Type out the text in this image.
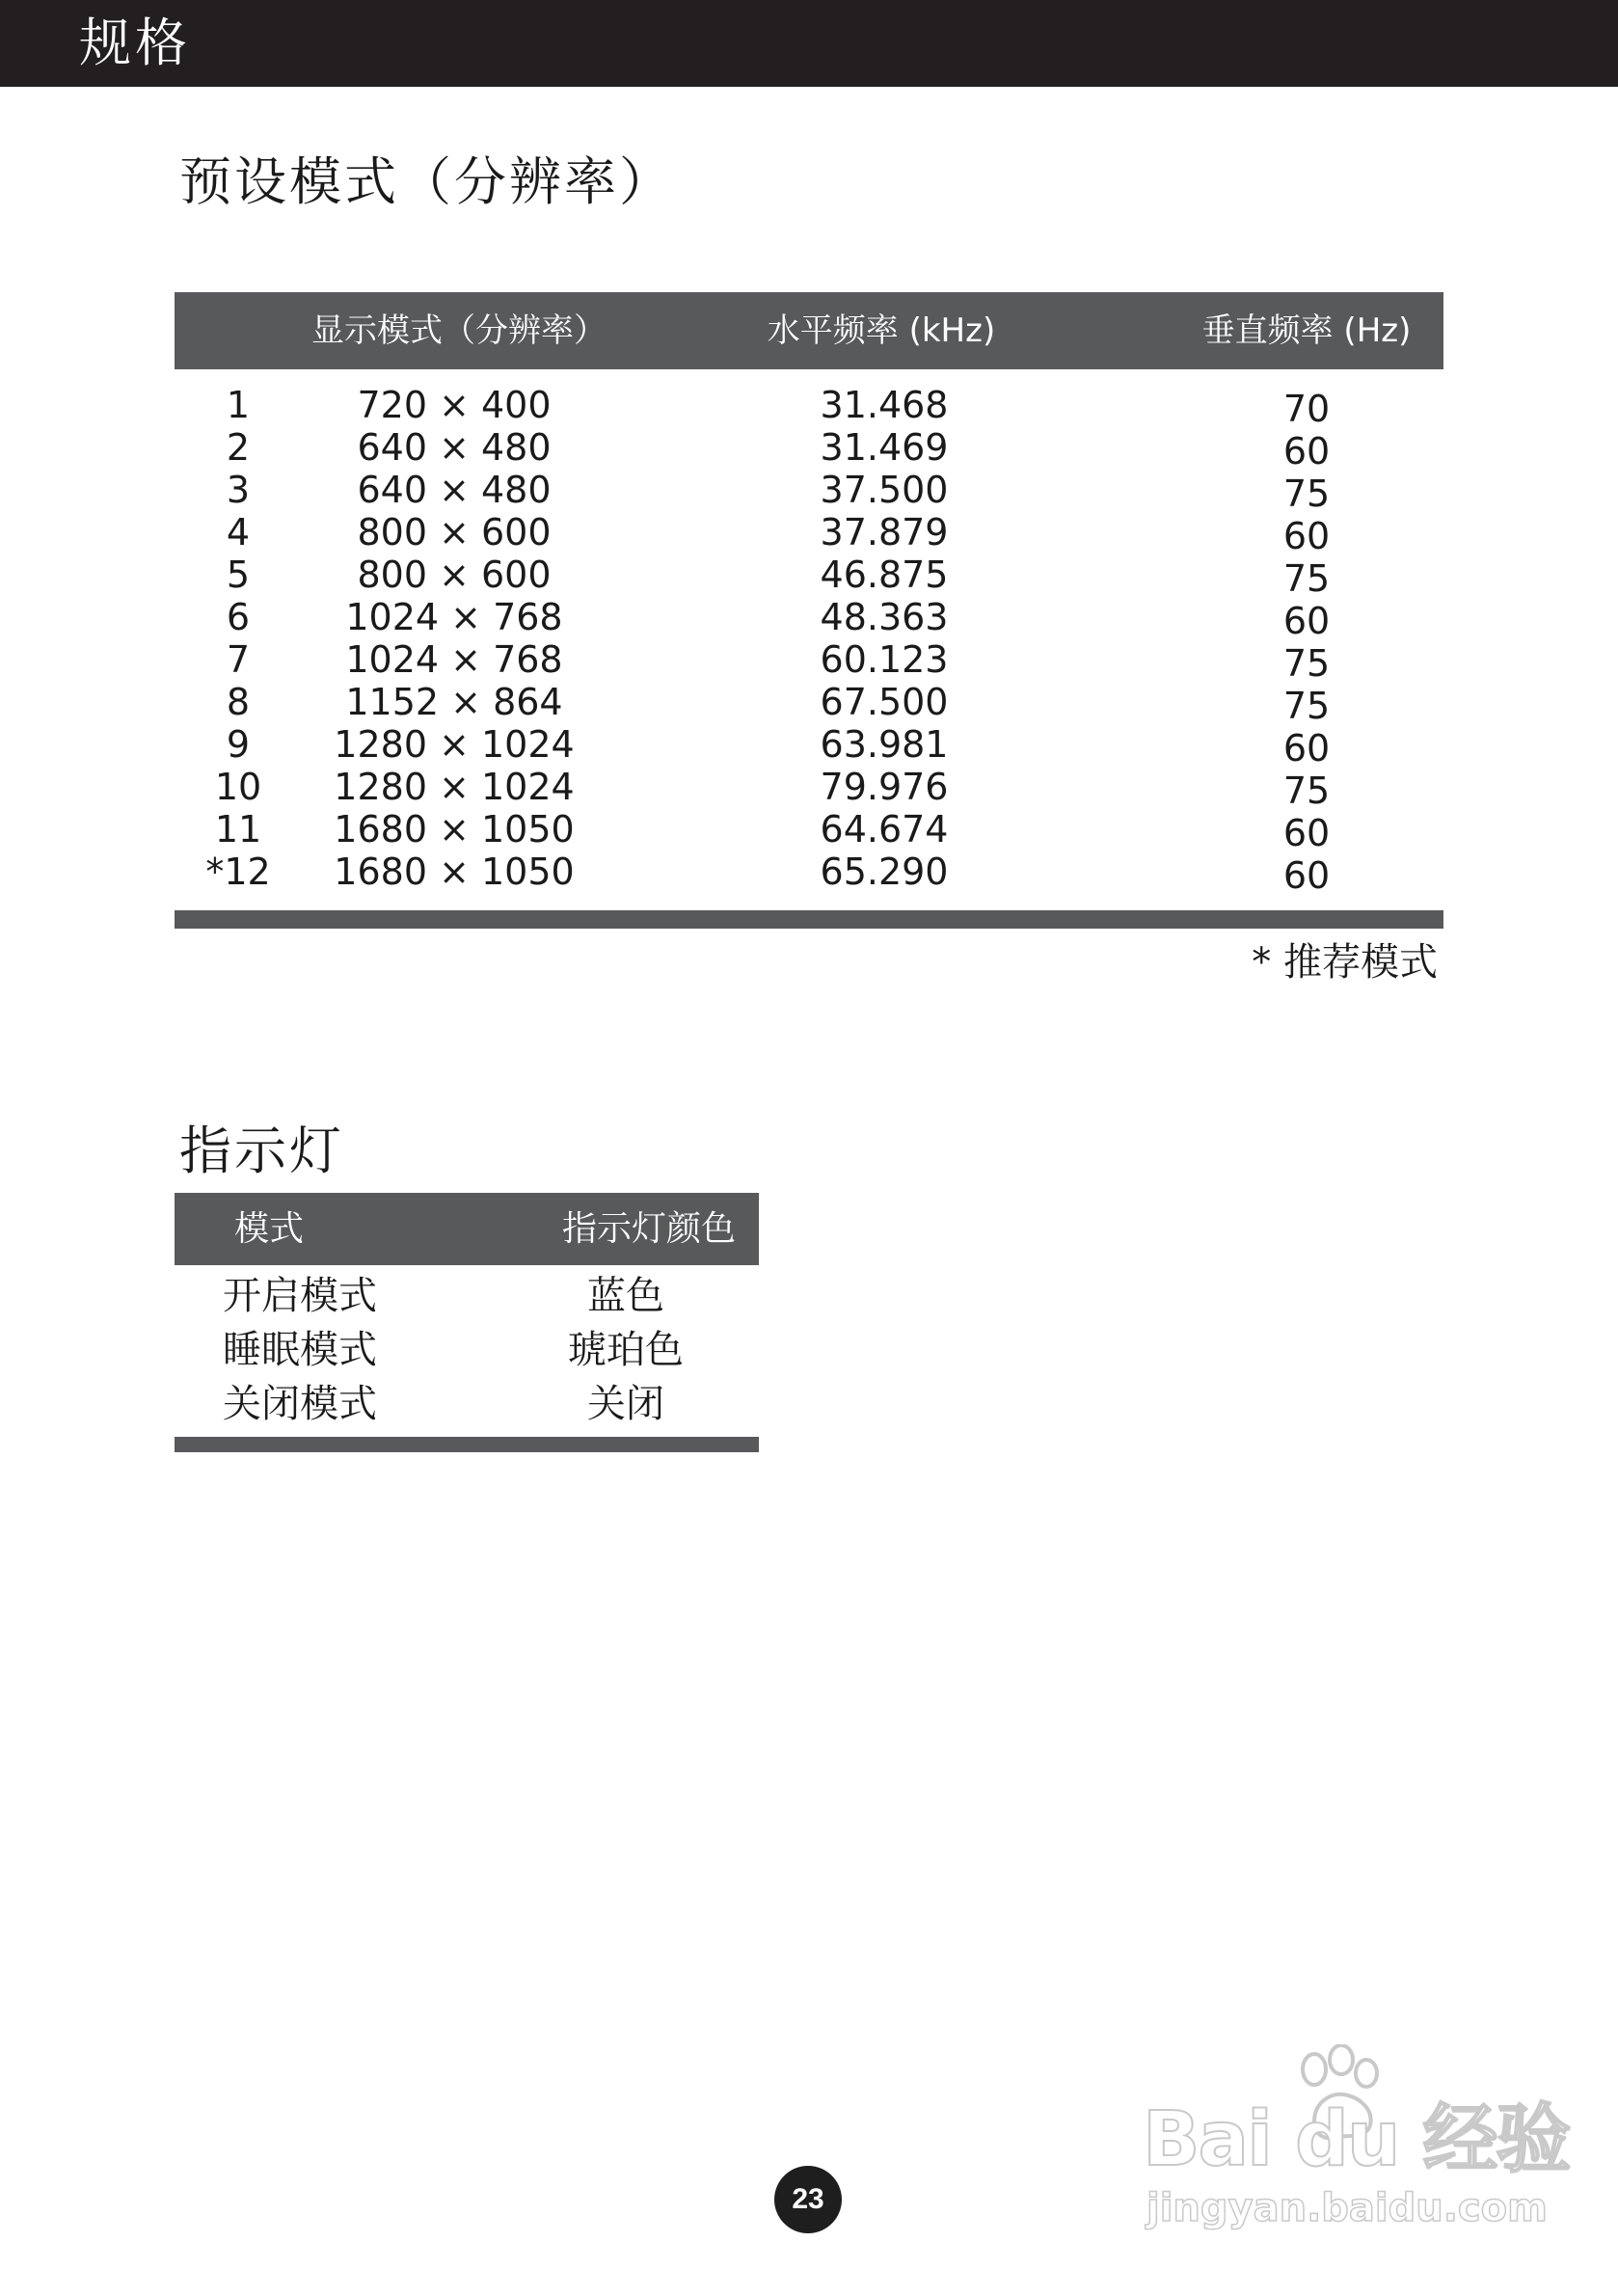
规格
预设模式（分辨率）
显示模式（分辨率）	水平频率 (kHz)	垂直频率 (Hz)
1	720 × 400	31.468	70
2	640 × 480	31.469	60
3	640 × 480	37.500	75
4	800 × 600	37.879	60
5	800 × 600	46.875	75
6	1024 × 768	48.363	60
7	1024 × 768	60.123	75
8	1152 × 864	67.500	75
9 1280 × 1024	63.981	60
10 1280 × 1024	79.976	75
11 1680 × 1050	64.674	60
*12 1680 × 1050	65.290	60
* 推荐模式
指示灯
模式	指示灯颜色
开启模式	蓝色
睡眠模式	琥珀色
关闭模式	关闭
23
Bai du 经验
jingyan.baidu.com
